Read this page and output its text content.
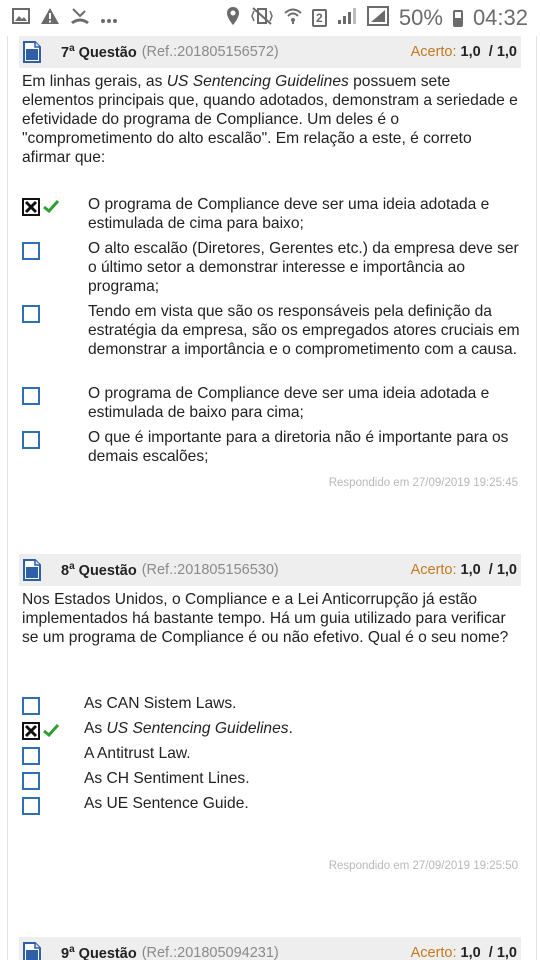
2	50% 04:32
7$^a$ Questão (Ref.:201805156572)	Acerto: 1,0 / 1,0
Em linhas gerais, as US Sentencing Guidelines possuem sete elementos principais que, quando adotados, demonstram a seriedade e efetividade do programa de Compliance. Um deles é o "comprometimento do alto escalão". Em relação a este, é correto afirmar que:
O programa de Compliance deve ser uma ideia adotada e estimulada de cima para baixo;
O alto escalão (Diretores, Gerentes etc.) da empresa deve ser o último setor a demonstrar interesse e importância ao programa;
Tendo em vista que são os responsáveis pela definição da estratégia da empresa, são os empregados atores cruciais em demonstrar a importância e o comprometimento com a causa.
O programa de Compliance deve ser uma ideia adotada e estimulada de baixo para cima;
O que é importante para a diretoria não é importante para os demais escalões;
Respondido em 27/09/2019 19:25:45
8$^a$ Questão (Ref.:201805156530)	Acerto: 1,0 / 1,0
Nos Estados Unidos, o Compliance e a Lei Anticorrupção já estão implementados há bastante tempo. Há um guia utilizado para verificar se um programa de Compliance é ou não efetivo. Qual é o seu nome?
As CAN Sistem Laws.
As US Sentencing Guidelines.
A Antitrust Law.
As CH Sentiment Lines.
As UE Sentence Guide.
Respondido em 27/09/2019 19:25:50
9$^a$ Questão (Ref.:201805094231)	Acerto: 1,0 / 1,0
